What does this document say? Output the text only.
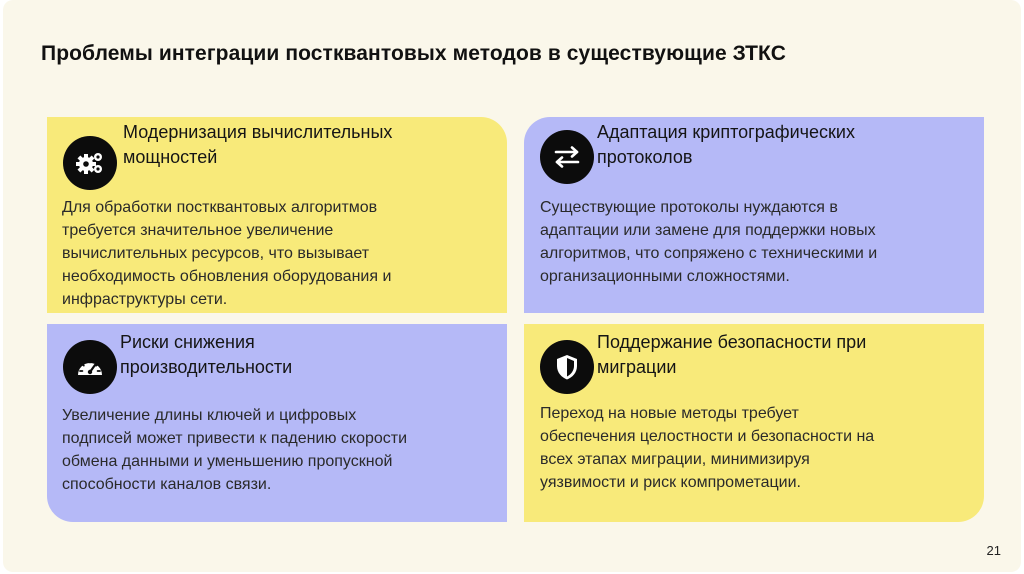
Проблемы интеграции постквантовых методов в существующие ЗТКС
Модернизация вычислительных
мощностей
Для обработки постквантовых алгоритмов
требуется значительное увеличение
вычислительных ресурсов, что вызывает
необходимость обновления оборудования и
инфраструктуры сети.
Адаптация криптографических
протоколов
Существующие протоколы нуждаются в
адаптации или замене для поддержки новых
алгоритмов, что сопряжено с техническими и
организационными сложностями.
Риски снижения
производительности
Увеличение длины ключей и цифровых
подписей может привести к падению скорости
обмена данными и уменьшению пропускной
способности каналов связи.
Поддержание безопасности при
миграции
Переход на новые методы требует
обеспечения целостности и безопасности на
всех этапах миграции, минимизируя
уязвимости и риск компрометации.
21
